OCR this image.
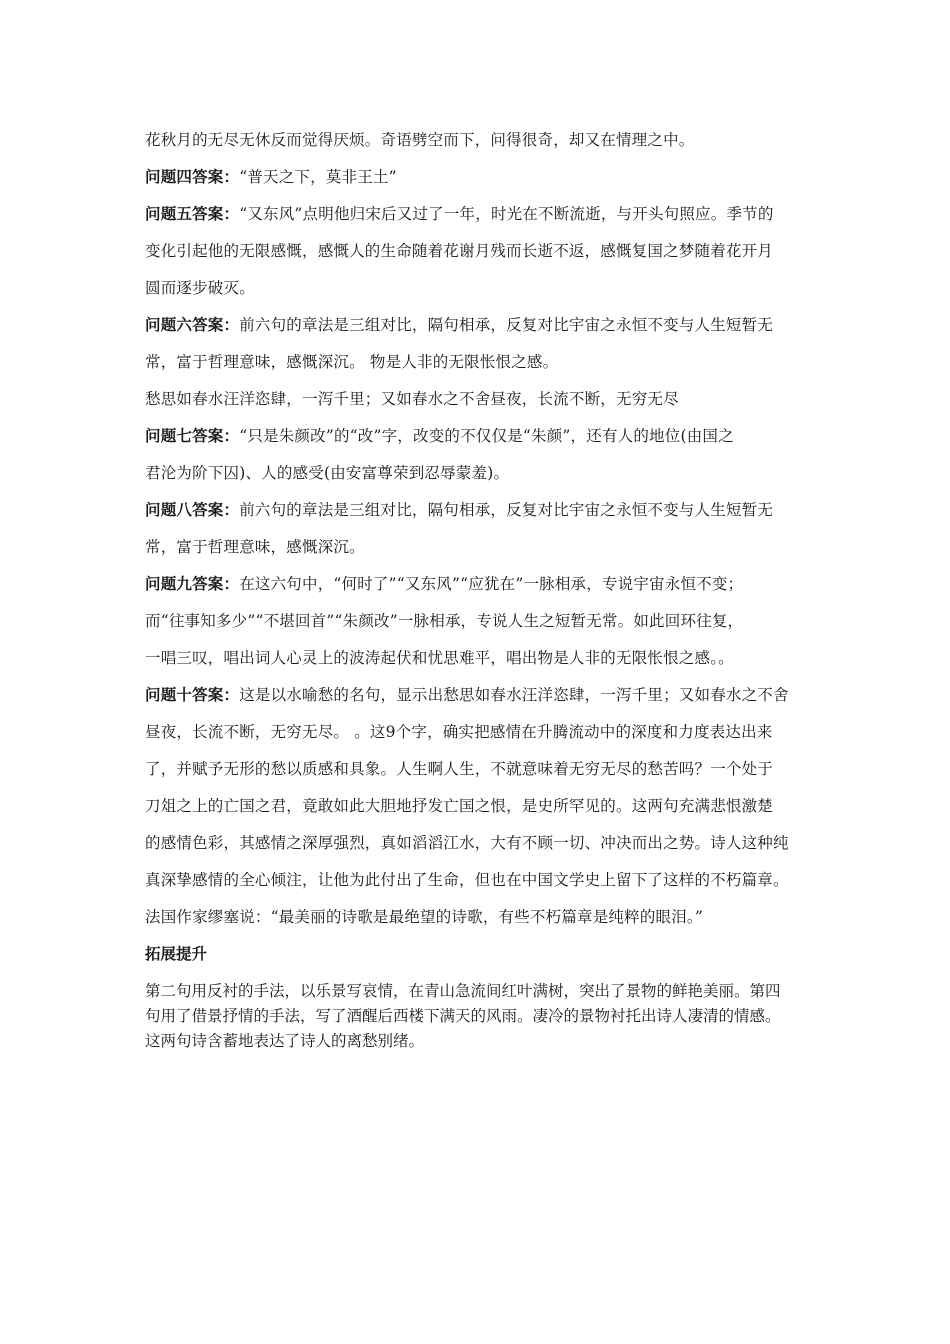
花秋月的无尽无休反而觉得厌烦。奇语劈空而下，问得很奇，却又在情理之中。

问题四答案：“普天之下，莫非王土”

问题五答案：“又东风”点明他归宋后又过了一年，时光在不断流逝，与开头句照应。季节的

变化引起他的无限感慨，感慨人的生命随着花谢月残而长逝不返，感慨复国之梦随着花开月

圆而逐步破灭。

问题六答案：前六句的章法是三组对比，隔句相承，反复对比宇宙之永恒不变与人生短暂无

常，富于哲理意味，感慨深沉。 物是人非的无限怅恨之感。

愁思如春水汪洋恣肆，一泻千里；又如春水之不舍昼夜，长流不断，无穷无尽

问题七答案：“只是朱颜改”的“改”字，改变的不仅仅是“朱颜”，还有人的地位(由国之

君沦为阶下囚)、人的感受(由安富尊荣到忍辱蒙羞)。

问题八答案：前六句的章法是三组对比，隔句相承，反复对比宇宙之永恒不变与人生短暂无

常，富于哲理意味，感慨深沉。

问题九答案：在这六句中，“何时了”“又东风”“应犹在”一脉相承，专说宇宙永恒不变；

而“往事知多少”“不堪回首”“朱颜改”一脉相承，专说人生之短暂无常。如此回环往复，

一唱三叹，唱出词人心灵上的波涛起伏和忧思难平，唱出物是人非的无限怅恨之感。。

问题十答案：这是以水喻愁的名句，显示出愁思如春水汪洋恣肆，一泻千里；又如春水之不舍

昼夜，长流不断，无穷无尽。 。这9个字，确实把感情在升腾流动中的深度和力度表达出来

了，并赋予无形的愁以质感和具象。人生啊人生，不就意味着无穷无尽的愁苦吗？一个处于

刀俎之上的亡国之君，竟敢如此大胆地抒发亡国之恨，是史所罕见的。这两句充满悲恨激楚

的感情色彩，其感情之深厚强烈，真如滔滔江水，大有不顾一切、冲决而出之势。诗人这种纯

真深挚感情的全心倾注，让他为此付出了生命，但也在中国文学史上留下了这样的不朽篇章。

法国作家缪塞说：“最美丽的诗歌是最绝望的诗歌，有些不朽篇章是纯粹的眼泪。”

拓展提升

第二句用反衬的手法，以乐景写哀情，在青山急流间红叶满树，突出了景物的鲜艳美丽。第四

句用了借景抒情的手法，写了酒醒后西楼下满天的风雨。凄冷的景物衬托出诗人凄清的情感。

这两句诗含蓄地表达了诗人的离愁别绪。
